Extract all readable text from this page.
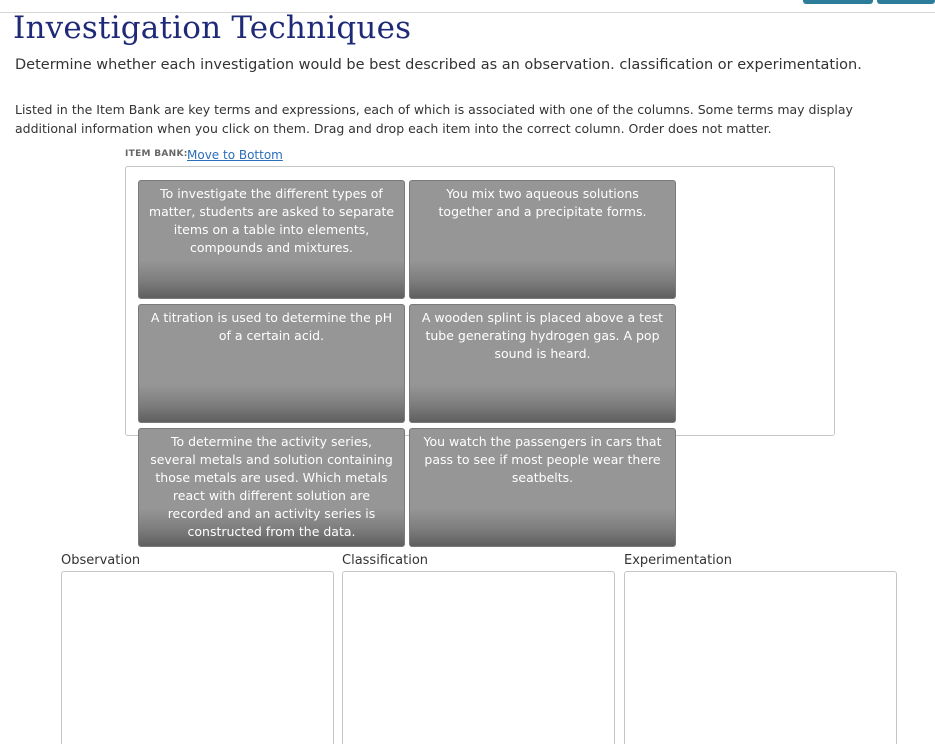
Investigation Techniques
Determine whether each investigation would be best described as an observation. classification or experimentation.
Listed in the Item Bank are key terms and expressions, each of which is associated with one of the columns. Some terms may display additional information when you click on them. Drag and drop each item into the correct column. Order does not matter.
ITEM BANK: Move to Bottom
To investigate the different types of matter, students are asked to separate items on a table into elements, compounds and mixtures.
You mix two aqueous solutions together and a precipitate forms.
A titration is used to determine the pH of a certain acid.
A wooden splint is placed above a test tube generating hydrogen gas. A pop sound is heard.
To determine the activity series, several metals and solution containing those metals are used. Which metals react with different solution are recorded and an activity series is constructed from the data.
You watch the passengers in cars that pass to see if most people wear there seatbelts.
Observation	Classification	Experimentation
